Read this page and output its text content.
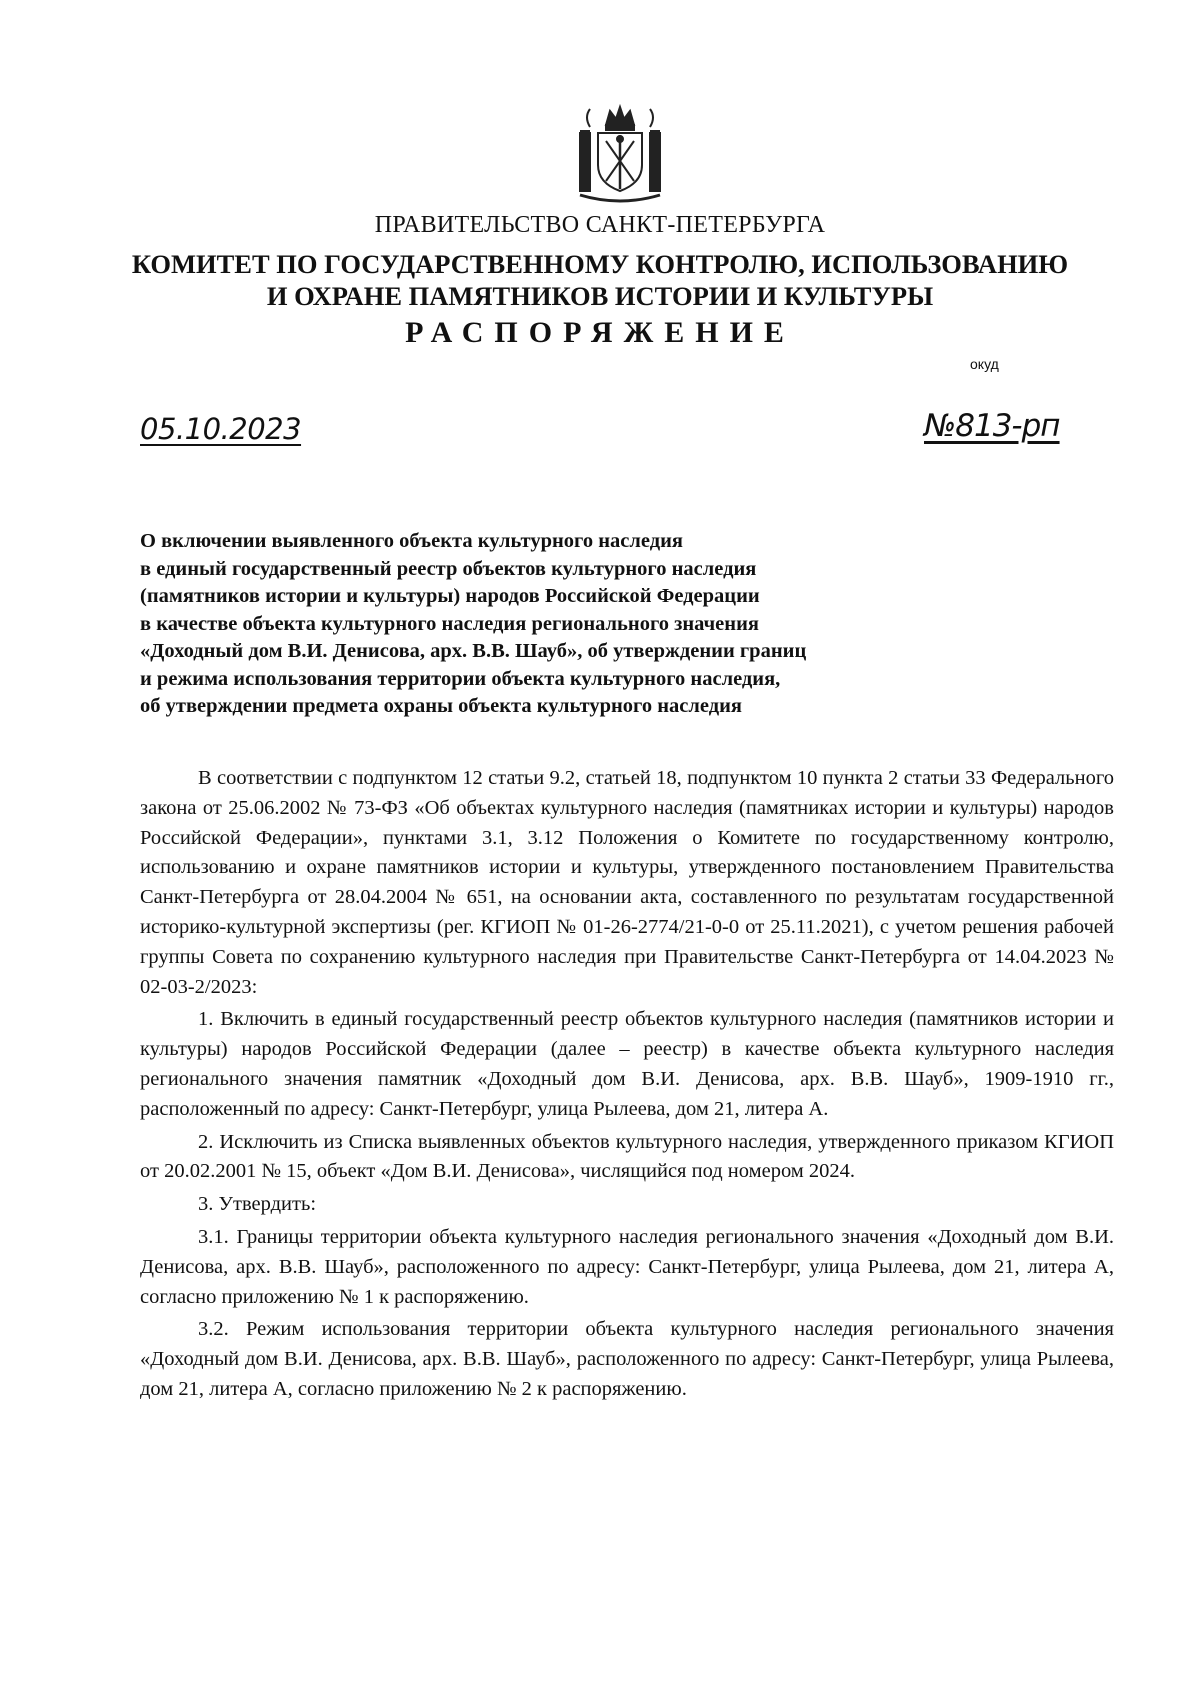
ПРАВИТЕЛЬСТВО САНКТ-ПЕТЕРБУРГА
КОМИТЕТ ПО ГОСУДАРСТВЕННОМУ КОНТРОЛЮ, ИСПОЛЬЗОВАНИЮ
И ОХРАНЕ ПАМЯТНИКОВ ИСТОРИИ И КУЛЬТУРЫ
РАСПОРЯЖЕНИЕ
окуд
05.10.2023	№813-рп
О включении выявленного объекта культурного наследия
в единый государственный реестр объектов культурного наследия
(памятников истории и культуры) народов Российской Федерации
в качестве объекта культурного наследия регионального значения
«Доходный дом В.И. Денисова, арх. В.В. Шауб», об утверждении границ
и режима использования территории объекта культурного наследия,
об утверждении предмета охраны объекта культурного наследия

В соответствии с подпунктом 12 статьи 9.2, статьей 18, подпунктом 10 пункта 2 статьи 33 Федерального закона от 25.06.2002 № 73-ФЗ «Об объектах культурного наследия (памятниках истории и культуры) народов Российской Федерации», пунктами 3.1, 3.12 Положения о Комитете по государственному контролю, использованию и охране памятников истории и культуры, утвержденного постановлением Правительства Санкт-Петербурга от 28.04.2004 № 651, на основании акта, составленного по результатам государственной историко-культурной экспертизы (рег. КГИОП № 01-26-2774/21-0-0 от 25.11.2021), с учетом решения рабочей группы Совета по сохранению культурного наследия при Правительстве Санкт-Петербурга от 14.04.2023 № 02-03-2/2023:

1. Включить в единый государственный реестр объектов культурного наследия (памятников истории и культуры) народов Российской Федерации (далее – реестр) в качестве объекта культурного наследия регионального значения памятник «Доходный дом В.И. Денисова, арх. В.В. Шауб», 1909-1910 гг., расположенный по адресу: Санкт-Петербург, улица Рылеева, дом 21, литера А.

2. Исключить из Списка выявленных объектов культурного наследия, утвержденного приказом КГИОП от 20.02.2001 № 15, объект «Дом В.И. Денисова», числящийся под номером 2024.

3. Утвердить:

3.1. Границы территории объекта культурного наследия регионального значения «Доходный дом В.И. Денисова, арх. В.В. Шауб», расположенного по адресу: Санкт-Петербург, улица Рылеева, дом 21, литера А, согласно приложению № 1 к распоряжению.

3.2. Режим использования территории объекта культурного наследия регионального значения «Доходный дом В.И. Денисова, арх. В.В. Шауб», расположенного по адресу: Санкт-Петербург, улица Рылеева, дом 21, литера А, согласно приложению № 2 к распоряжению.
